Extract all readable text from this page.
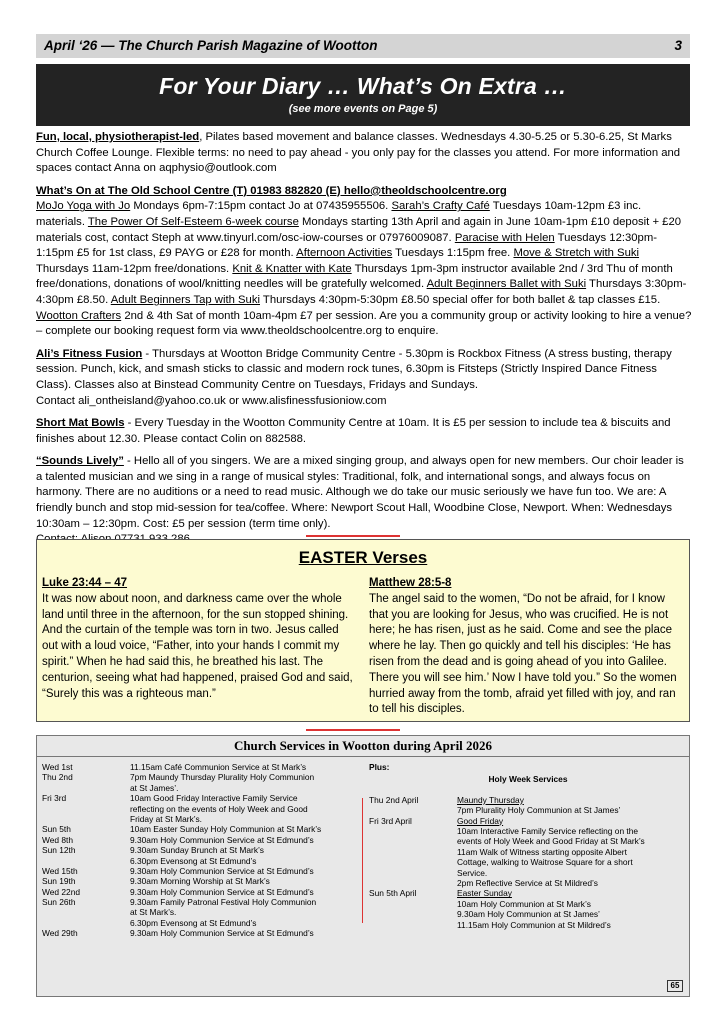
April ‘26 — The Church Parish Magazine of Wootton	3
For Your Diary … What’s On Extra …
(see more events on Page 5)

Fun, local, physiotherapist-led, Pilates based movement and balance classes. Wednesdays 4.30-5.25 or 5.30-6.25, St Marks Church Coffee Lounge. Flexible terms: no need to pay ahead - you only pay for the classes you attend. For more information and spaces contact Anna on aqphysio@outlook.com

What’s On at The Old School Centre (T) 01983 882820 (E) hello@theoldschoolcentre.org
MoJo Yoga with Jo Mondays 6pm-7:15pm contact Jo at 07435955506. Sarah’s Crafty Café Tuesdays 10am-12pm £3 inc. materials. The Power Of Self-Esteem 6-week course Mondays starting 13th April and again in June 10am-1pm £10 deposit + £20 materials cost, contact Steph at www.tinyurl.com/osc-iow-courses or 07976009087. Paracise with Helen Tuesdays 12:30pm-1:15pm £5 for 1st class, £9 PAYG or £28 for month. Afternoon Activities Tuesdays 1:15pm free. Move & Stretch with Suki Thursdays 11am-12pm free/donations. Knit & Knatter with Kate Thursdays 1pm-3pm instructor available 2nd / 3rd Thu of month free/donations, donations of wool/knitting needles will be gratefully welcomed. Adult Beginners Ballet with Suki Thursdays 3:30pm-4:30pm £8.50. Adult Beginners Tap with Suki Thursdays 4:30pm-5:30pm £8.50 special offer for both ballet & tap classes £15. Wootton Crafters 2nd & 4th Sat of month 10am-4pm £7 per session. Are you a community group or activity looking to hire a venue? – complete our booking request form via www.theoldschoolcentre.org to enquire.

Ali’s Fitness Fusion - Thursdays at Wootton Bridge Community Centre - 5.30pm is Rockbox Fitness (A stress busting, therapy session. Punch, kick, and smash sticks to classic and modern rock tunes, 6.30pm is Fitsteps (Strictly Inspired Dance Fitness Class). Classes also at Binstead Community Centre on Tuesdays, Fridays and Sundays.
Contact ali_ontheisland@yahoo.co.uk or www.alisfinessfusioniow.com

Short Mat Bowls - Every Tuesday in the Wootton Community Centre at 10am. It is £5 per session to include tea & biscuits and finishes about 12.30. Please contact Colin on 882588.

“Sounds Lively” - Hello all of you singers. We are a mixed singing group, and always open for new members. Our choir leader is a talented musician and we sing in a range of musical styles: Traditional, folk, and international songs, and always focus on harmony. There are no auditions or a need to read music. Although we do take our music seriously we have fun too. We are: A friendly bunch and stop mid-session for tea/coffee. Where: Newport Scout Hall, Woodbine Close, Newport. When: Wednesdays 10:30am – 12:30pm. Cost: £5 per session (term time only).

EASTER Verses
Luke 23:44 – 47
It was now about noon, and darkness came over the whole land until three in the afternoon, for the sun stopped shining. And the curtain of the temple was torn in two. Jesus called out with a loud voice, “Father, into your hands I commit my spirit.” When he had said this, he breathed his last. The centurion, seeing what had happened, praised God and said, “Surely this was a righteous man.”
Matthew 28:5-8
The angel said to the women, “Do not be afraid, for I know that you are looking for Jesus, who was crucified. He is not here; he has risen, just as he said. Come and see the place where he lay. Then go quickly and tell his disciples: ‘He has risen from the dead and is going ahead of you into Galilee. There you will see him.’ Now I have told you.” So the women hurried away from the tomb, afraid yet filled with joy, and ran to tell his disciples.
Church Services in Wootton during April 2026
Wed 1st	11.15am Café Communion Service at St Mark’s
Thu 2nd	7pm Maundy Thursday Plurality Holy Communion
at St James’.
Fri 3rd	10am Good Friday Interactive Family Service
reflecting on the events of Holy Week and Good
Friday at St Mark’s.
Sun 5th	10am Easter Sunday Holy Communion at St Mark’s
Wed 8th	9.30am Holy Communion Service at St Edmund’s
Sun 12th	9.30am Sunday Brunch at St Mark’s
6.30pm Evensong at St Edmund’s
Wed 15th	9.30am Holy Communion Service at St Edmund’s
Sun 19th	9.30am Morning Worship at St Mark’s
Wed 22nd	9.30am Holy Communion Service at St Edmund’s
Sun 26th	9.30am Family Patronal Festival Holy Communion
at St Mark’s.
6.30pm Evensong at St Edmund’s
Wed 29th	9.30am Holy Communion Service at St Edmund’s
Plus:
Holy Week Services
Thu 2nd April	Maundy Thursday
7pm Plurality Holy Communion at St James’
Fri 3rd April	Good Friday
10am Interactive Family Service reflecting on the
events of Holy Week and Good Friday at St Mark’s
11am Walk of Witness starting opposite Albert
Cottage, walking to Waitrose Square for a short
Service.
2pm Reflective Service at St Mildred’s
Sun 5th April	Easter Sunday
10am Holy Communion at St Mark’s
9.30am Holy Communion at St James’
11.15am Holy Communion at St Mildred’s
65
